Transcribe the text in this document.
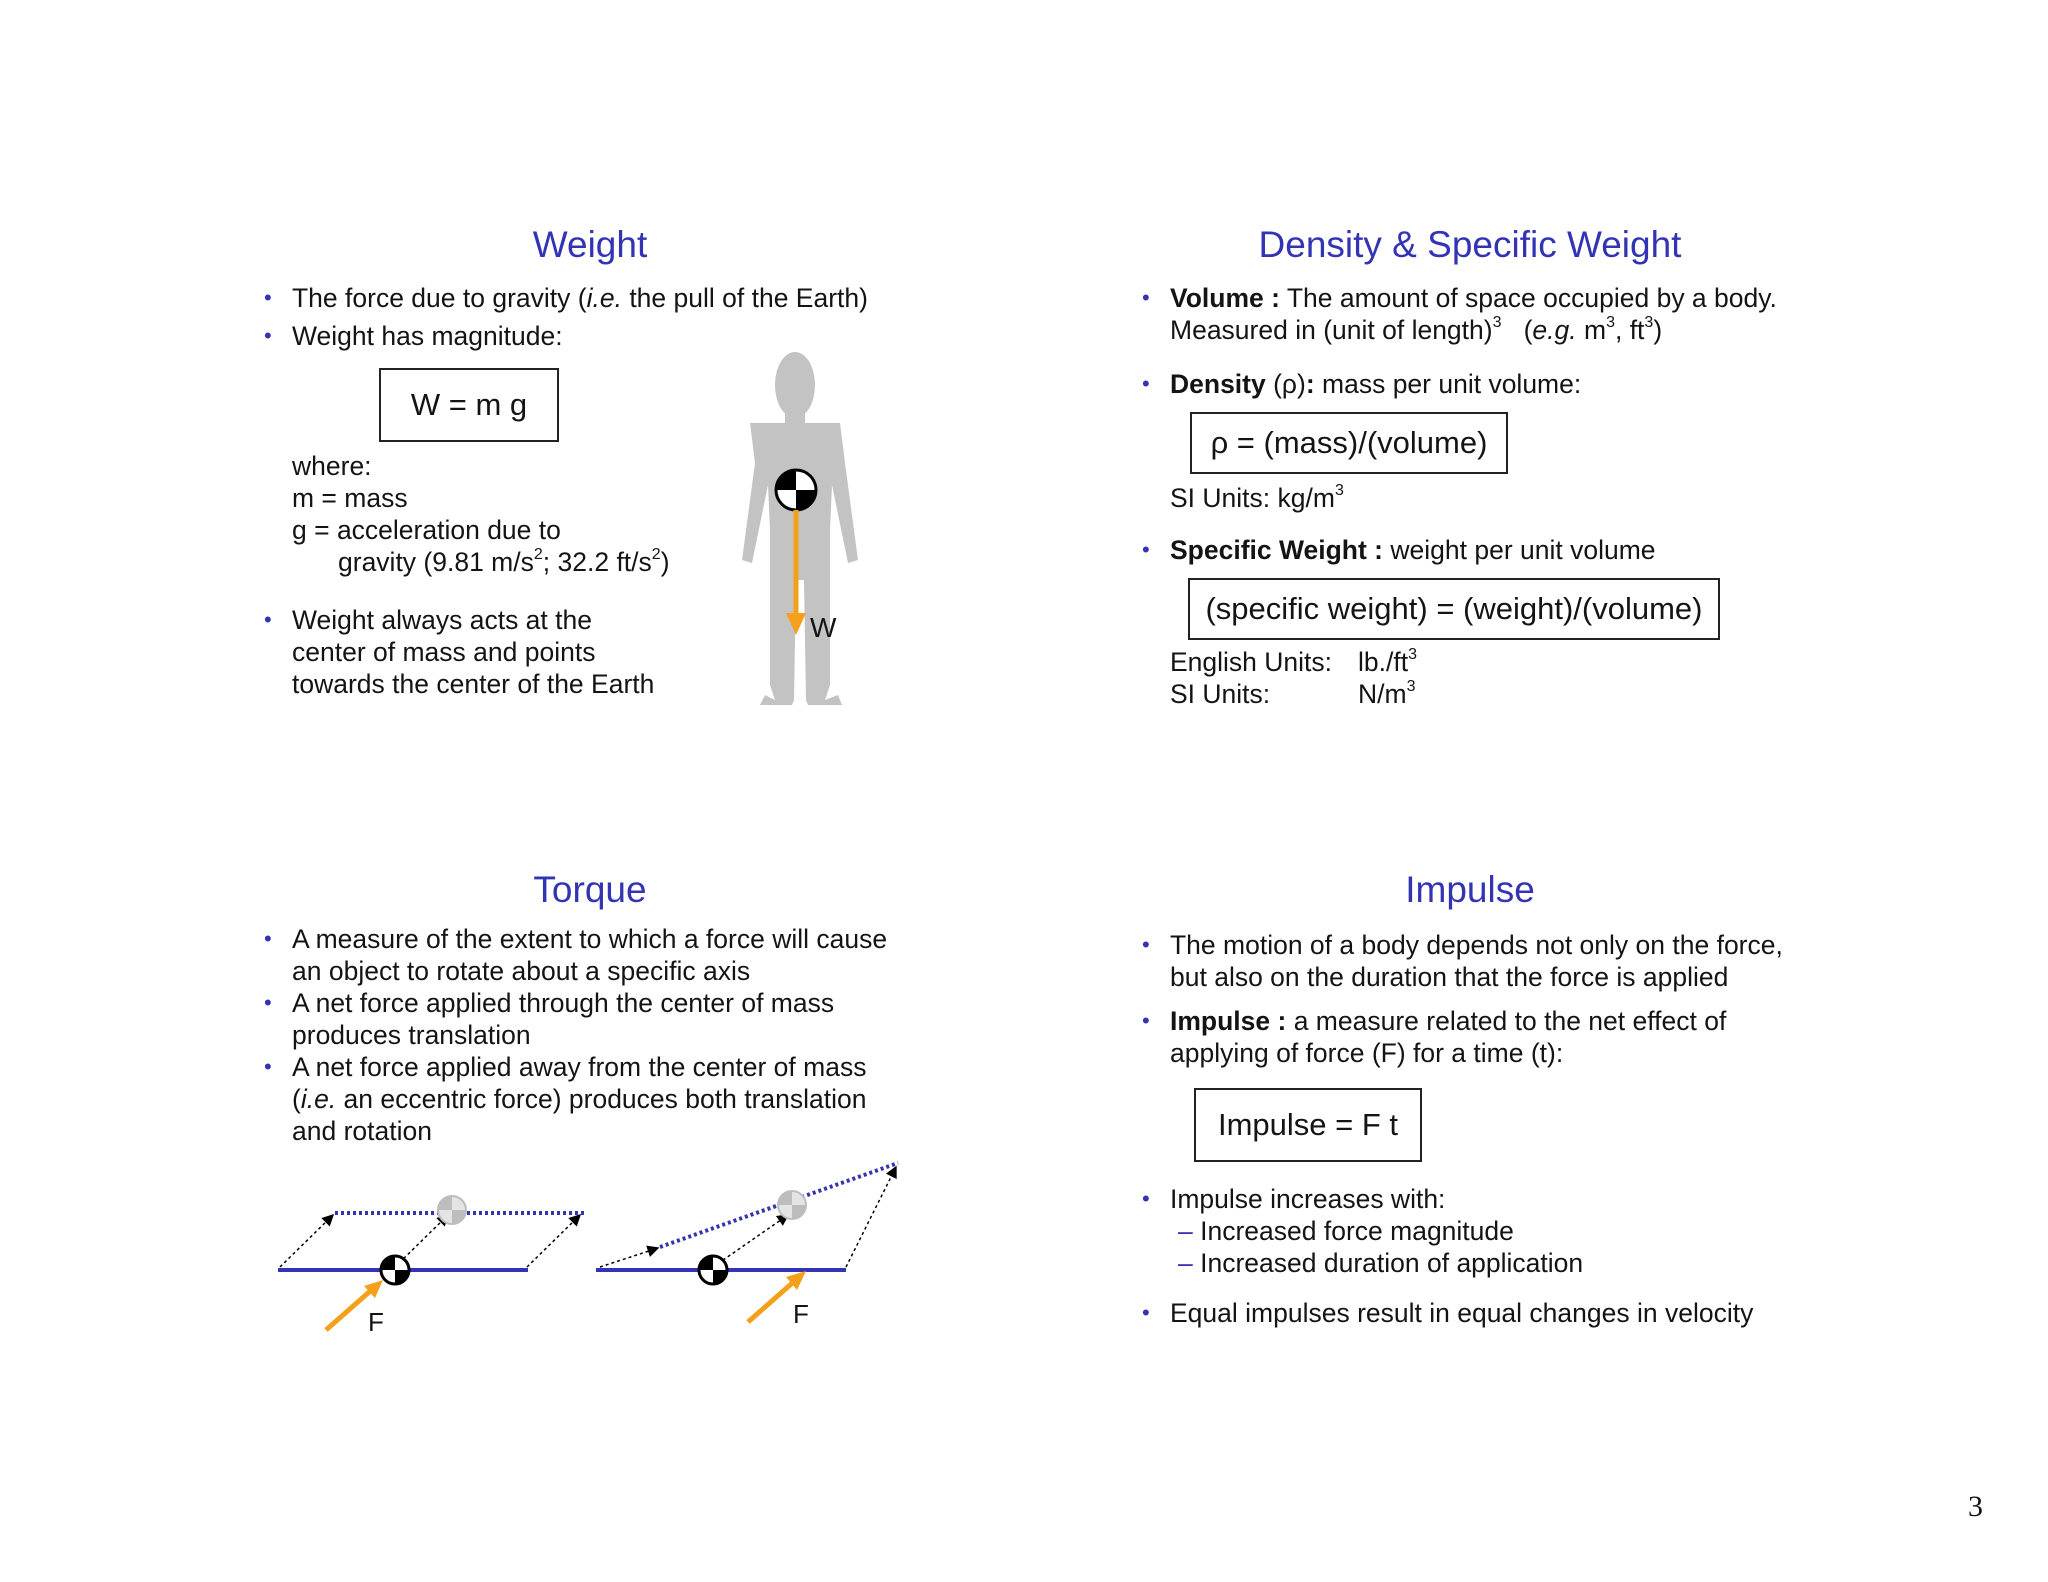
Weight
• The force due to gravity (i.e. the pull of the Earth)
• Weight has magnitude:
W = m g
where:
m = mass
g = acceleration due to
gravity (9.81 $m/s^2$; 32.2 $ft/s^2$)
• Weight always acts at the
center of mass and points
towards the center of the Earth
W
Density & Specific Weight
• Volume : The amount of space occupied by a body.
Measured in (unit of length)$^3$   (e.g. $m^3$, $ft^3$)
• Density (ρ): mass per unit volume:
ρ = (mass)/(volume)
SI Units: $kg/m^3$
• Specific Weight : weight per unit volume
(specific weight) = (weight)/(volume)
English Units: $lb./ft^3$
SI Units:	$N/m^3$
Torque
• A measure of the extent to which a force will cause
an object to rotate about a specific axis
• A net force applied through the center of mass
produces translation
• A net force applied away from the center of mass
(i.e. an eccentric force) produces both translation
and rotation
F	F
Impulse
• The motion of a body depends not only on the force,
but also on the duration that the force is applied
• Impulse : a measure related to the net effect of
applying of force (F) for a time (t):
Impulse = F t
• Impulse increases with:
– Increased force magnitude
– Increased duration of application
• Equal impulses result in equal changes in velocity
3
